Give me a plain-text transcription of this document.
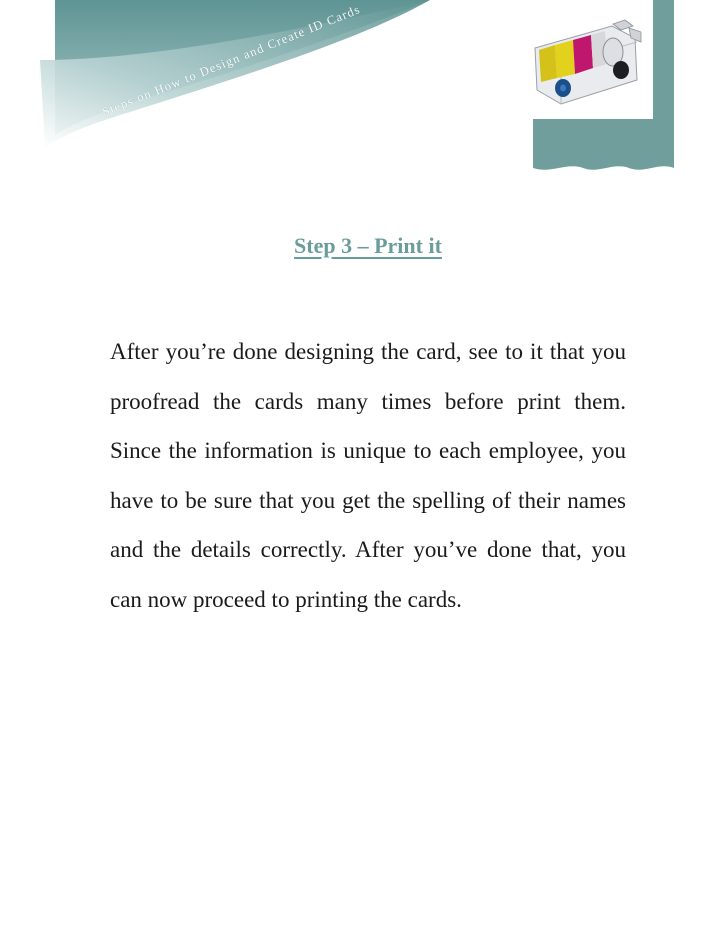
Steps on How to Design and Create ID Cards
Step 3 – Print it

After you’re done designing the card, see to it that you proofread the cards many times before print them. Since the information is unique to each employee, you have to be sure that you get the spelling of their names and the details correctly. After you’ve done that, you can now proceed to printing the cards.
